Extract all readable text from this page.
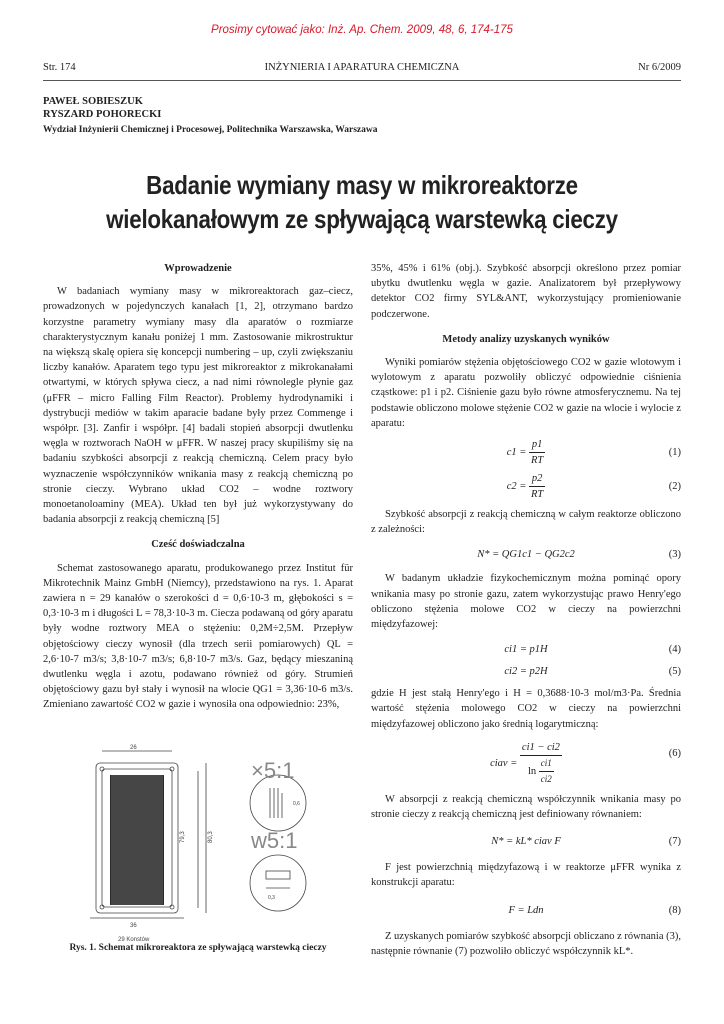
Prosimy cytować jako: Inż. Ap. Chem. 2009, 48, 6, 174-175
Str. 174	INŻYNIERIA I APARATURA CHEMICZNA	Nr 6/2009
PAWEŁ SOBIESZUK
RYSZARD POHORECKI
Wydział Inżynierii Chemicznej i Procesowej, Politechnika Warszawska, Warszawa
Badanie wymiany masy w mikroreaktorze
wielokanałowym ze spływającą warstewką cieczy
Wprowadzenie

W badaniach wymiany masy w mikroreaktorach gaz–ciecz, prowadzonych w pojedynczych kanałach [1, 2], otrzymano bardzo korzystne parametry wymiany masy dla aparatów o rozmiarze charakterystycznym kanału poniżej 1 mm. Zastosowanie mikrostruktur na większą skalę opiera się koncepcji numbering – up, czyli zwiększaniu liczby kanałów. Aparatem tego typu jest mikroreaktor z mikrokanałami otwartymi, w których spływa ciecz, a nad nimi równolegle płynie gaz (μFFR – micro Falling Film Reactor). Problemy hydrodynamiki i dystrybucji mediów w takim aparacie badane były przez Commenge i współpr. [3]. Zanfir i współpr. [4] badali stopień absorpcji dwutlenku węgla w roztworach NaOH w μFFR. W naszej pracy skupiliśmy się na badaniu szybkości absorpcji z reakcją chemiczną. Celem pracy było wyznaczenie współczynników wnikania masy z reakcją chemiczną po stronie cieczy. Wybrano układ CO2 – wodne roztwory monoetanoloaminy (MEA). Układ ten był już wykorzystywany do badania absorpcji z reakcją chemiczną [5]

Cześć doświadczalna

Schemat zastosowanego aparatu, produkowanego przez Institut für Mikrotechnik Mainz GmbH (Niemcy), przedstawiono na rys. 1. Aparat zawiera n = 29 kanałów o szerokości d = 0,6·10-3 m, głębokości s = 0,3·10-3 m i długości L = 78,3·10-3 m. Ciecza podawaną od góry aparatu były wodne roztwory MEA o stężeniu: 0,2M÷2,5M. Przepływ objętościowy cieczy wynosił (dla trzech serii pomiarowych) QL = 2,6·10-7 m3/s; 3,8·10-7 m3/s; 6,8·10-7 m3/s. Gaz, będący mieszaniną dwutlenku węgla i azotu, podawano również od góry. Strumień objętościowy gazu był stały i wynosił na wlocie QG1 = 3,36·10-6 m3/s. Zmieniano zawartość CO2 w gazie i wynosiła ona odpowiednio: 23%,

26
36
79,3	80,3
×5:1
w5:1
0,6
0,3
29 Konstów
Rys. 1. Schemat mikroreaktora ze spływającą warstewką cieczy

35%, 45% i 61% (obj.). Szybkość absorpcji określono przez pomiar ubytku dwutlenku węgla w gazie. Analizatorem był przepływowy detektor CO2 firmy SYL&ANT, wykorzystujący promieniowanie podczerwone.

Metody analizy uzyskanych wyników

Wyniki pomiarów stężenia objętościowego CO2 w gazie wlotowym i wylotowym z aparatu pozwoliły obliczyć odpowiednie ciśnienia cząstkowe: p1 i p2. Ciśnienie gazu było równe atmosferycznemu. Na tej podstawie obliczono molowe stężenie CO2 w gazie na wlocie i wylocie z aparatu:

$c1 = \frac{p1}{RT}$	(1)
$c2 = \frac{p2}{RT}$	(2)

Szybkość absorpcji z reakcją chemiczną w całym reaktorze obliczono z zależności:

N* = QG1c1 − QG2c2	(3)

W badanym układzie fizykochemicznym można pominąć opory wnikania masy po stronie gazu, zatem wykorzystując prawo Henry'ego obliczono stężenia molowe CO2 w cieczy na powierzchni międzyfazowej:

ci1 = p1H	(4)
ci2 = p2H	(5)

gdzie H jest stałą Henry'ego i H = 0,3688·10-3 mol/m3·Pa. Średnia wartość stężenia molowego CO2 w cieczy na powierzchni międzyfazowej obliczono jako średnią logarytmiczną:

ciav = $\frac{ci1 - ci2}{\ln \frac{ci1}{ci2}}$	(6)

W absorpcji z reakcją chemiczną współczynnik wnikania masy po stronie cieczy z reakcją chemiczną jest definiowany równaniem:

N* = kL* ciav F	(7)

F jest powierzchnią międzyfazową i w reaktorze μFFR wynika z konstrukcji aparatu:

F = Ldn	(8)

Z uzyskanych pomiarów szybkość absorpcji obliczano z równania (3), następnie równanie (7) pozwoliło obliczyć współczynnik kL*.
